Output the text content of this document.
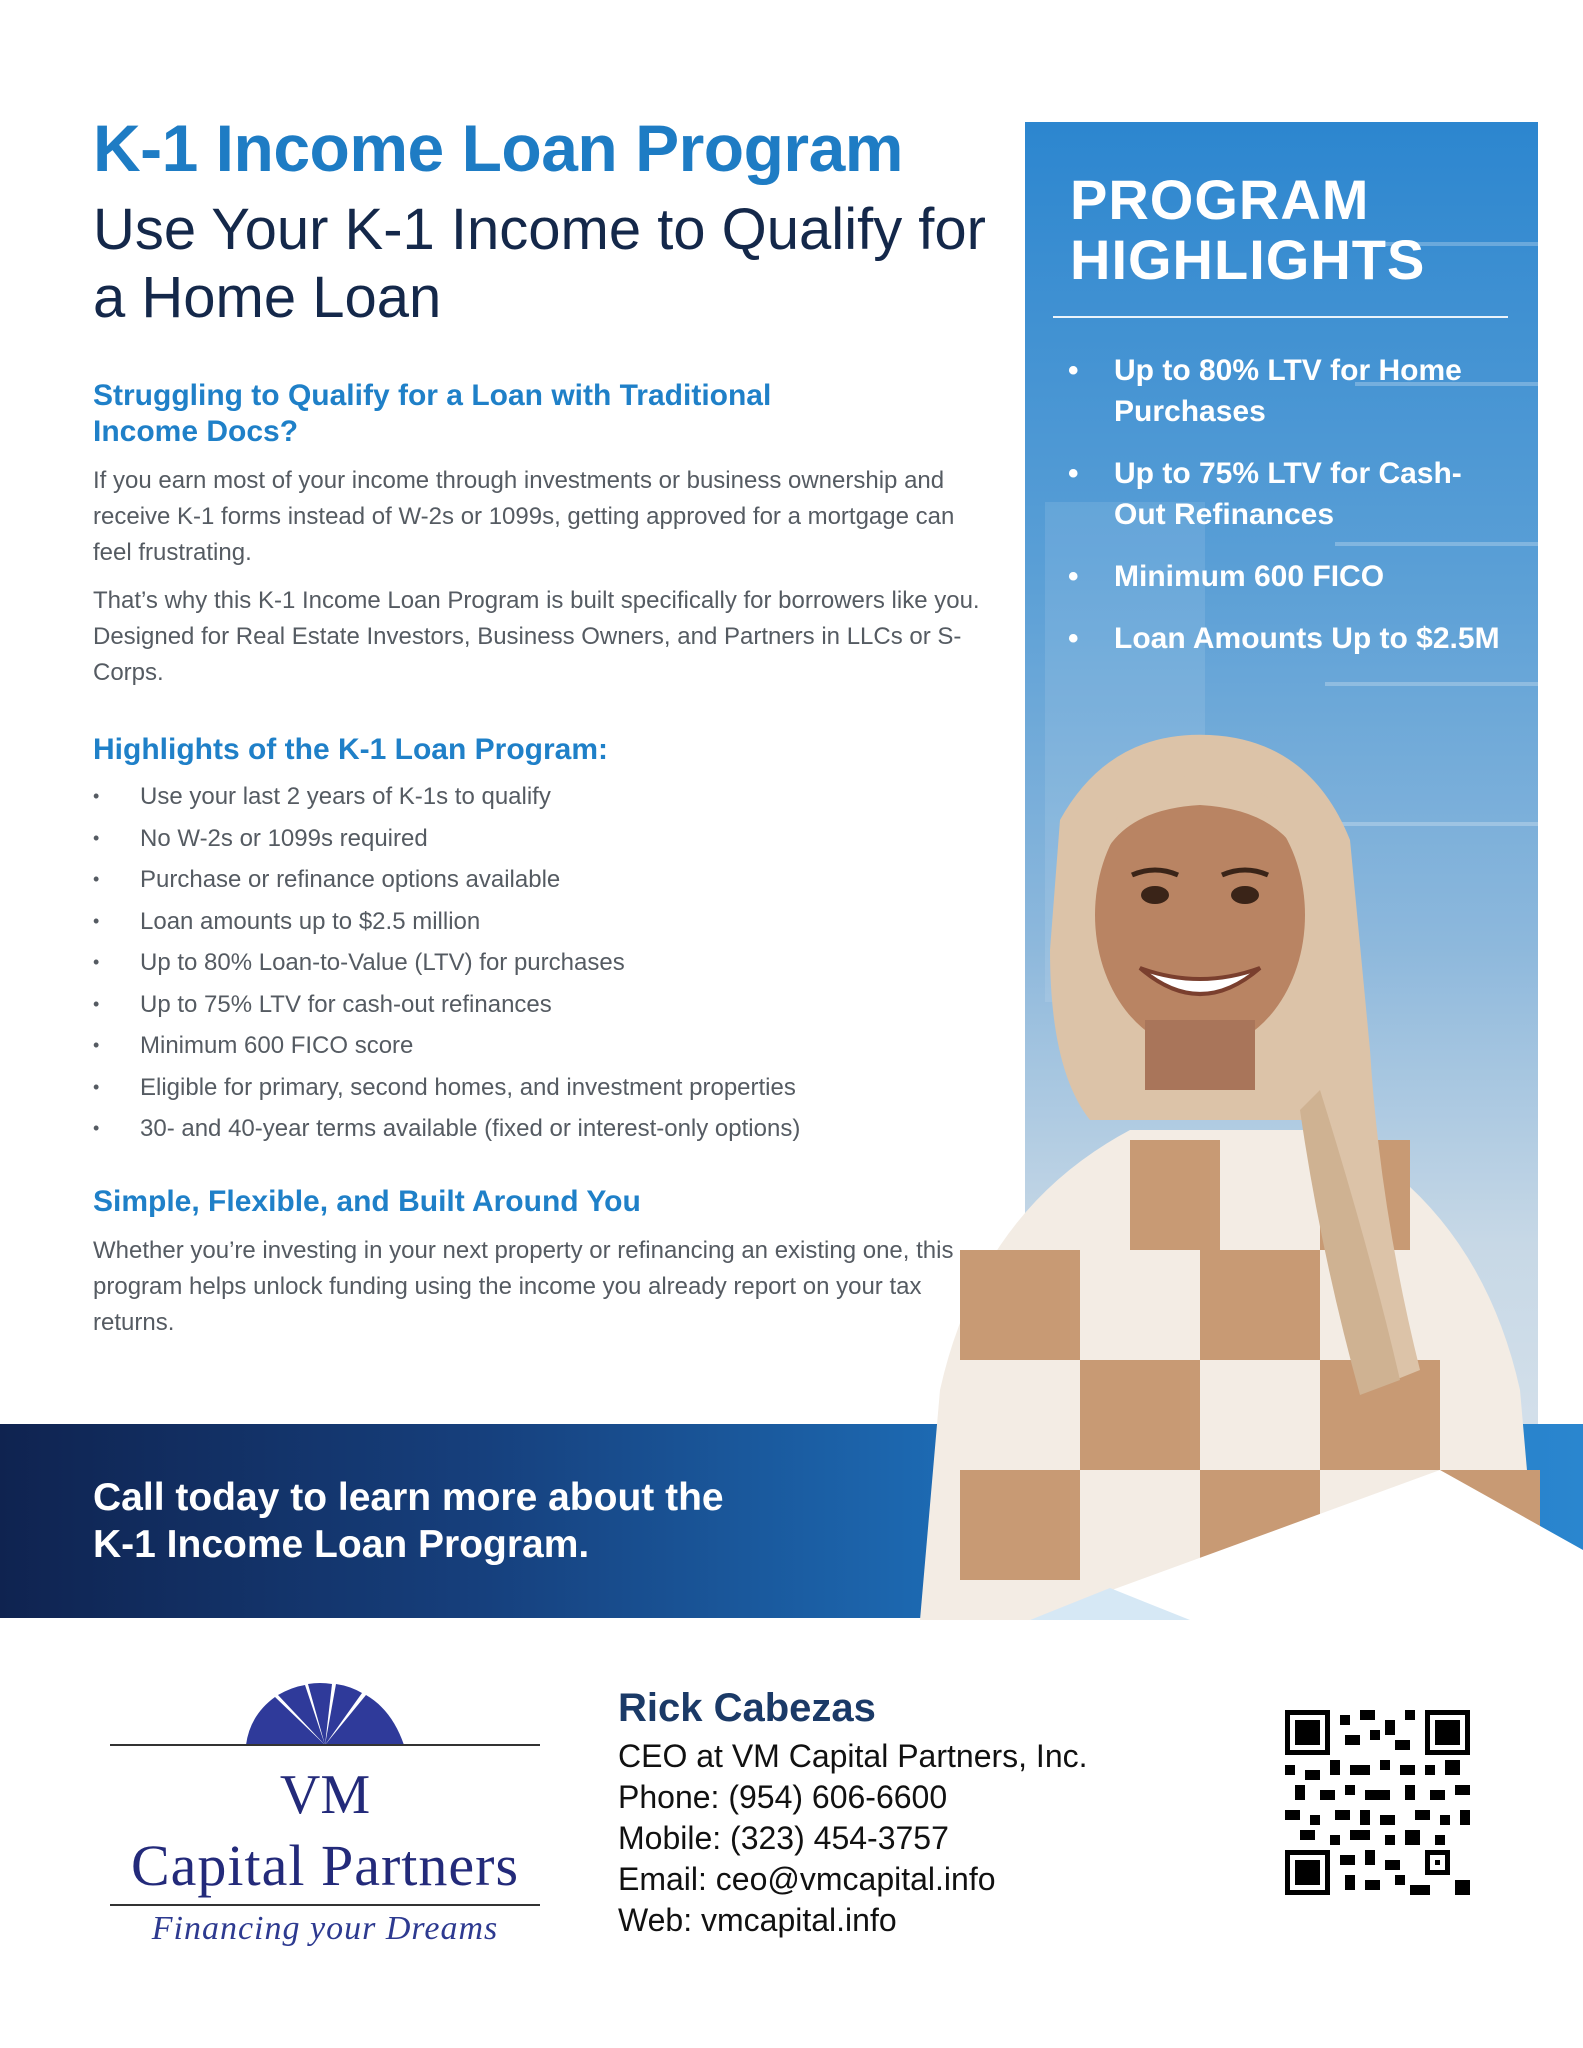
K-1 Income Loan Program
Use Your K-1 Income to Qualify for a Home Loan
Struggling to Qualify for a Loan with Traditional Income Docs?

If you earn most of your income through investments or business ownership and receive K-1 forms instead of W-2s or 1099s, getting approved for a mortgage can feel frustrating.

That’s why this K-1 Income Loan Program is built specifically for borrowers like you. Designed for Real Estate Investors, Business Owners, and Partners in LLCs or S-Corps.

Highlights of the K-1 Loan Program:
• Use your last 2 years of K-1s to qualify
• No W-2s or 1099s required
• Purchase or refinance options available
• Loan amounts up to $2.5 million
• Up to 80% Loan-to-Value (LTV) for purchases
• Up to 75% LTV for cash-out refinances
• Minimum 600 FICO score
• Eligible for primary, second homes, and investment properties
• 30- and 40-year terms available (fixed or interest-only options)
Simple, Flexible, and Built Around You

Whether you’re investing in your next property or refinancing an existing one, this program helps unlock funding using the income you already report on your tax returns.

PROGRAM
HIGHLIGHTS
• Up to 80% LTV for Home Purchases
• Up to 75% LTV for Cash-Out Refinances
• Minimum 600 FICO
• Loan Amounts Up to $2.5M
Call today to learn more about the
K-1 Income Loan Program.
VM
Capital Partners
Financing your Dreams
Rick Cabezas
CEO at VM Capital Partners, Inc.
Phone: (954) 606-6600
Mobile: (323) 454-3757
Email: ceo@vmcapital.info
Web: vmcapital.info
